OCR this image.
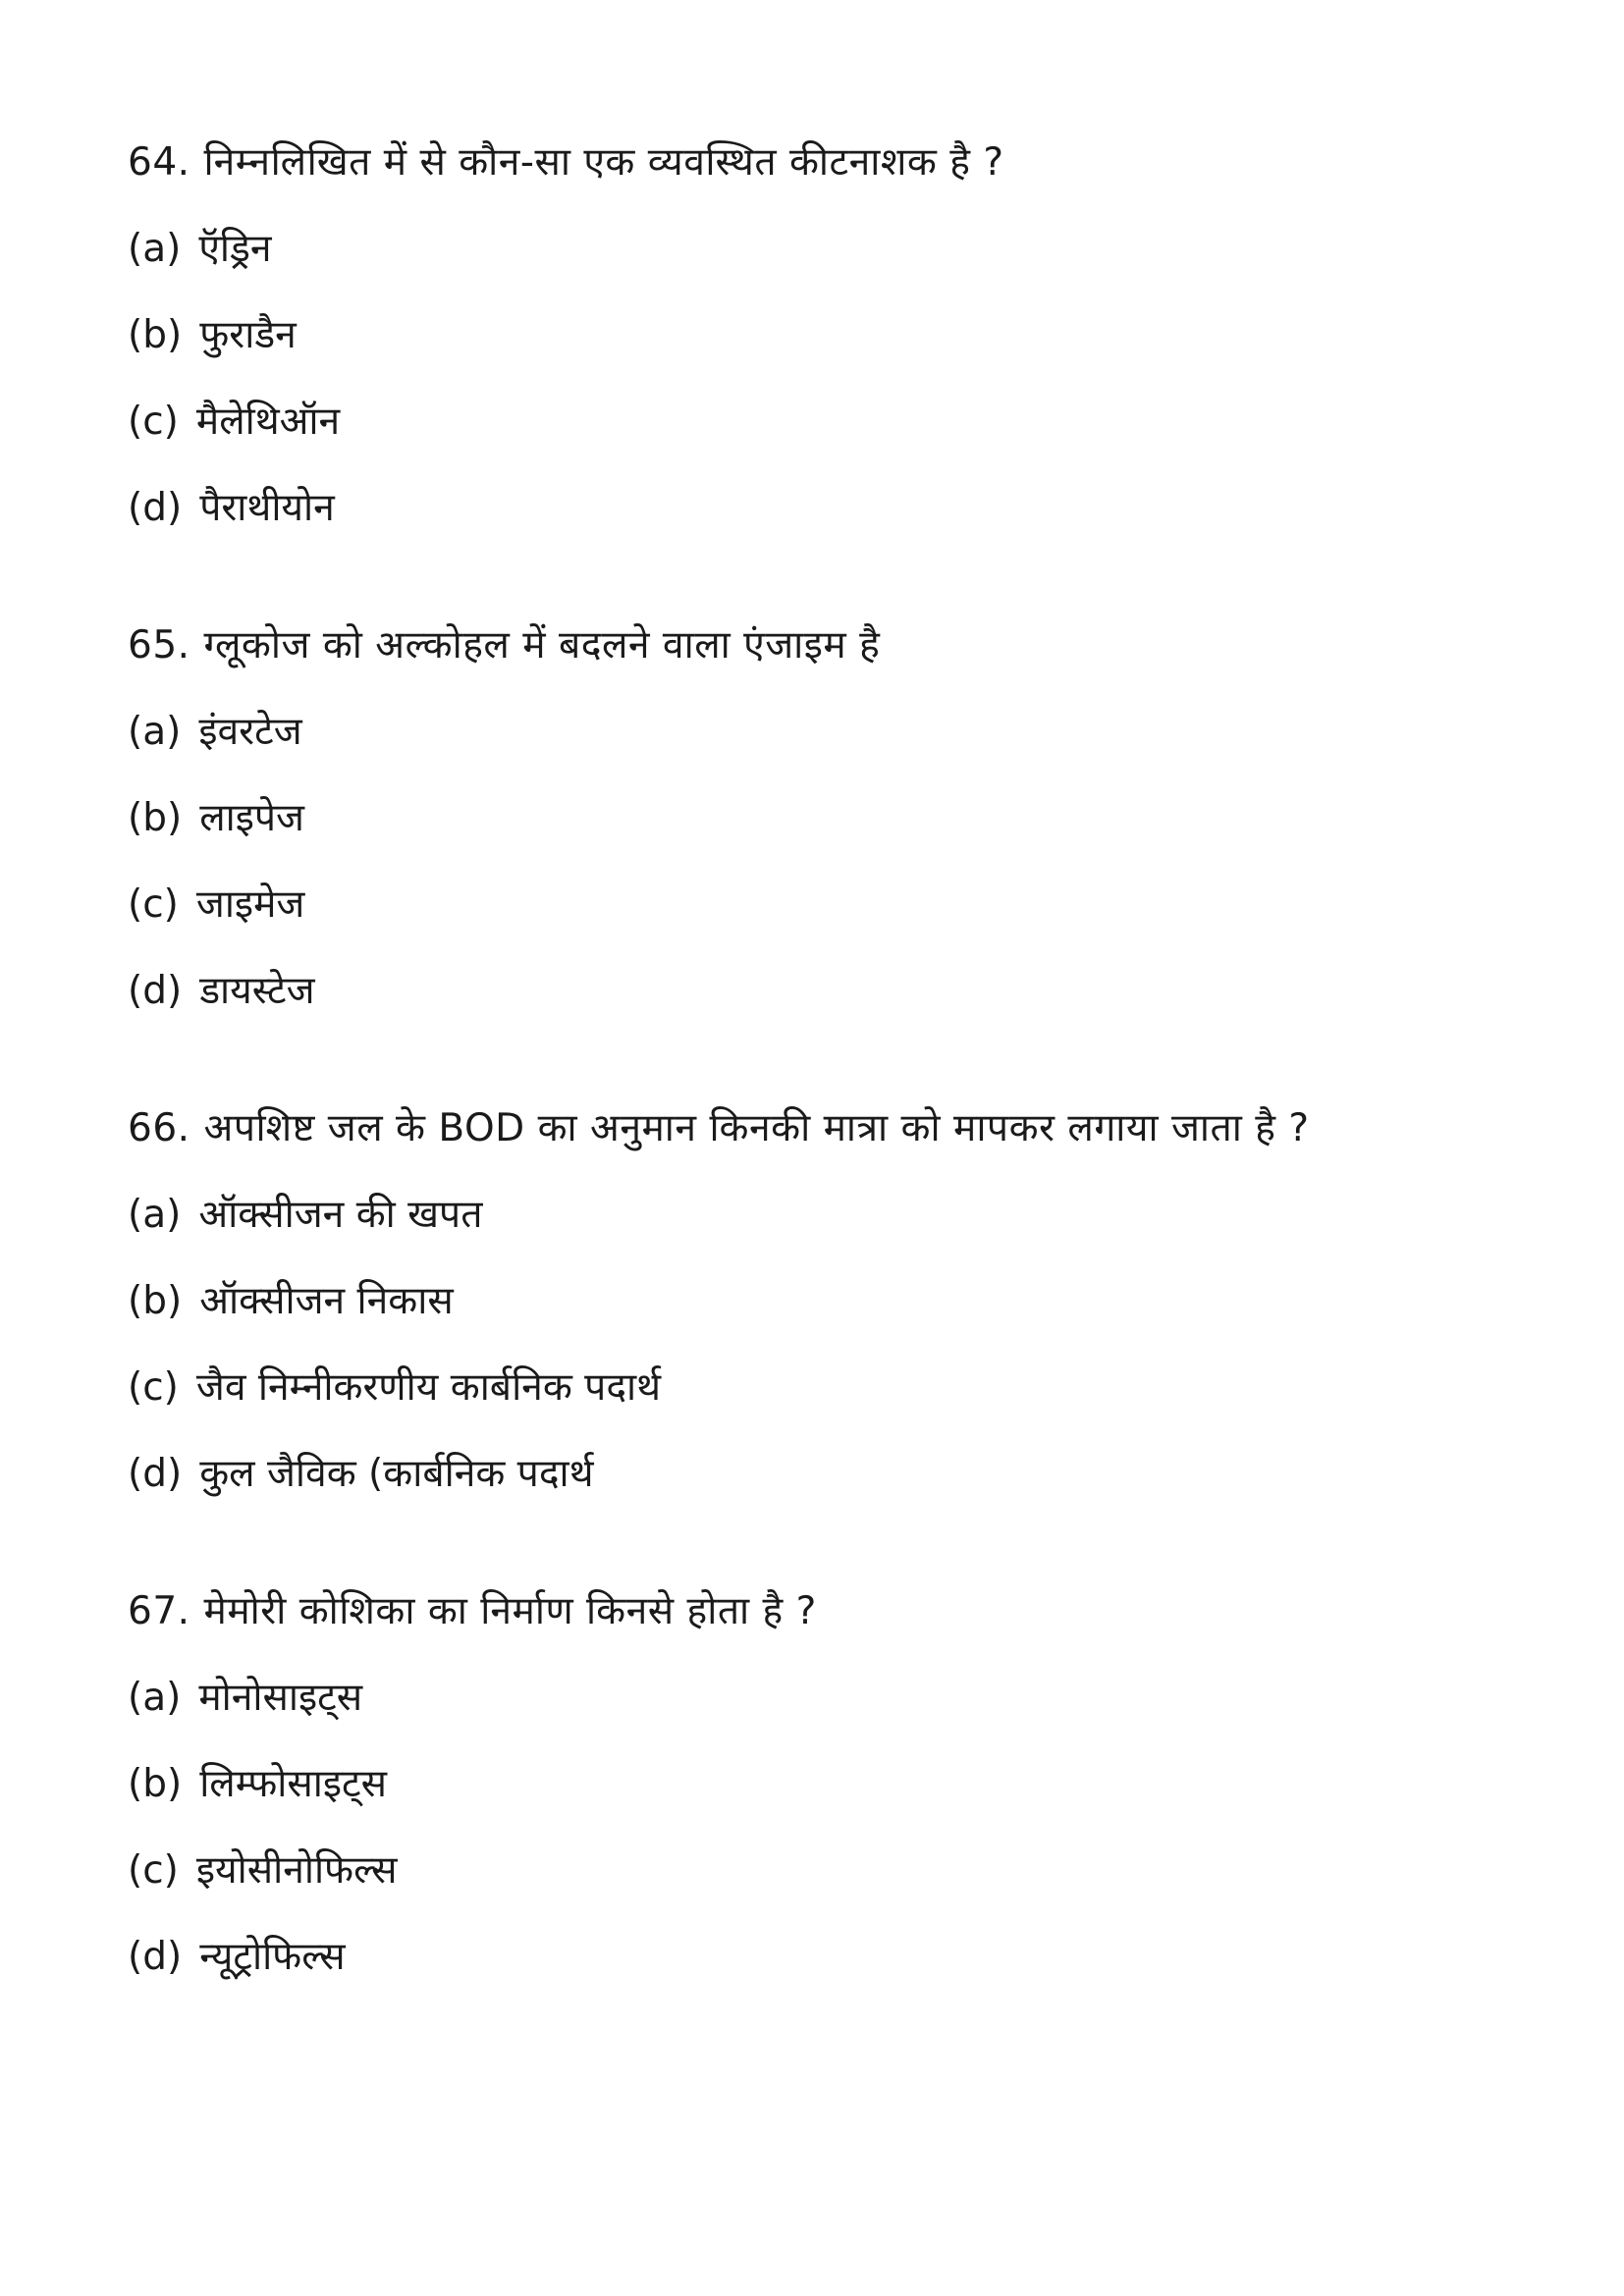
64. निम्नलिखित में से कौन-सा एक व्यवस्थित कीटनाशक है ?
(a) ऍड्रिन
(b) फुराडैन
(c) मैलेथिऑन
(d) पैराथीयोन
65. ग्लूकोज को अल्कोहल में बदलने वाला एंजाइम है
(a) इंवरटेज
(b) लाइपेज
(c) जाइमेज
(d) डायस्टेज
66. अपशिष्ट जल के BOD का अनुमान किनकी मात्रा को मापकर लगाया जाता है ?
(a) ऑक्सीजन की खपत
(b) ऑक्सीजन निकास
(c) जैव निम्नीकरणीय कार्बनिक पदार्थ
(d) कुल जैविक (कार्बनिक पदार्थ
67. मेमोरी कोशिका का निर्माण किनसे होता है ?
(a) मोनोसाइट्स
(b) लिम्फोसाइट्स
(c) इयोसीनोफिल्स
(d) न्यूट्रोफिल्स
